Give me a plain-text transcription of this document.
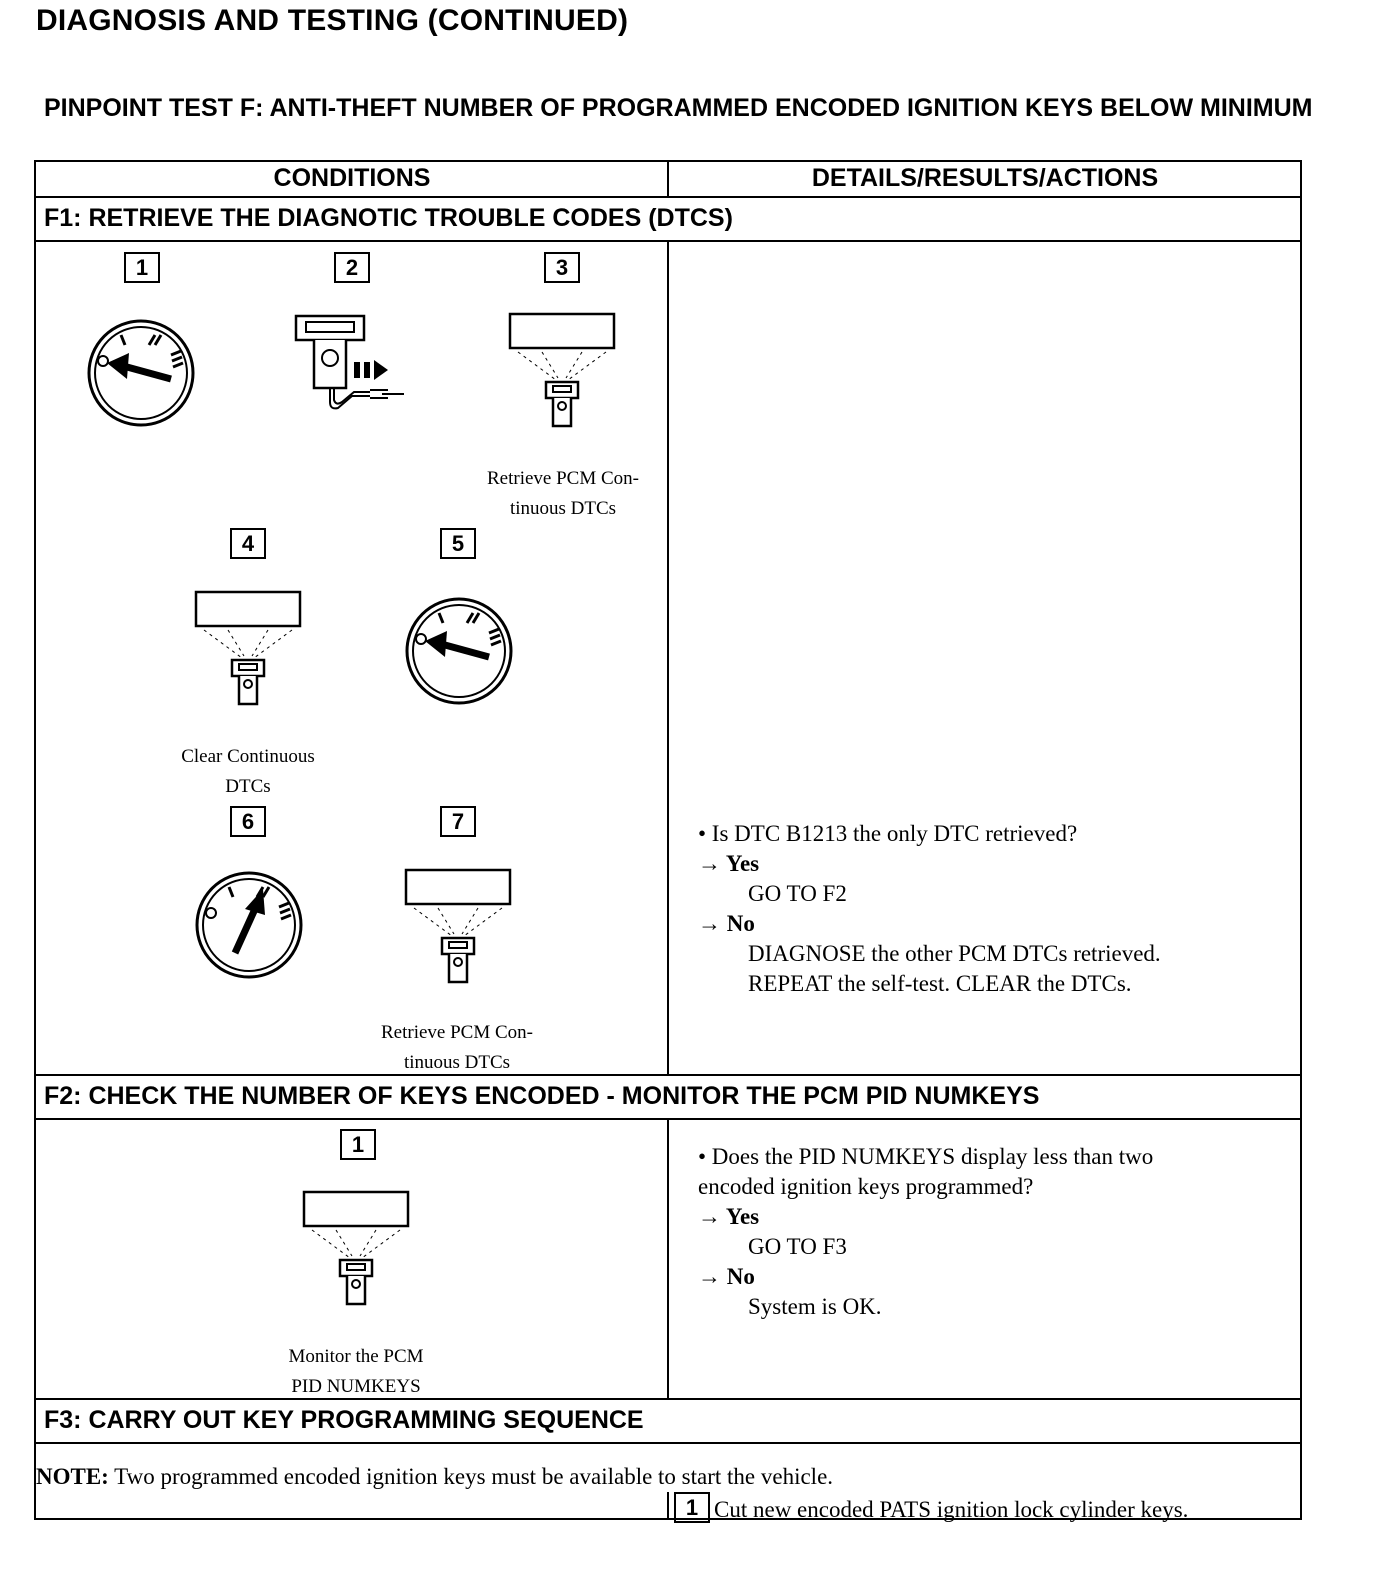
DIAGNOSIS AND TESTING (CONTINUED)
PINPOINT TEST F: ANTI-THEFT NUMBER OF PROGRAMMED ENCODED IGNITION KEYS BELOW MINIMUM
CONDITIONS	DETAILS/RESULTS/ACTIONS
F1: RETRIEVE THE DIAGNOTIC TROUBLE CODES (DTCS)
1	2	3
Retrieve PCM Con-
tinuous DTCs
4	5
Clear Continuous
DTCs
6	7
Retrieve PCM Con-
tinuous DTCs
• Is DTC B1213 the only DTC retrieved?
→ Yes
GO TO F2
→ No
DIAGNOSE the other PCM DTCs retrieved.
REPEAT the self-test. CLEAR the DTCs.
F2: CHECK THE NUMBER OF KEYS ENCODED - MONITOR THE PCM PID NUMKEYS
1
Monitor the PCM
PID NUMKEYS
• Does the PID NUMKEYS display less than two
encoded ignition keys programmed?
→ Yes
GO TO F3
→ No
System is OK.
F3: CARRY OUT KEY PROGRAMMING SEQUENCE
NOTE: Two programmed encoded ignition keys must be available to start the vehicle.
1 Cut new encoded PATS ignition lock cylinder keys.
